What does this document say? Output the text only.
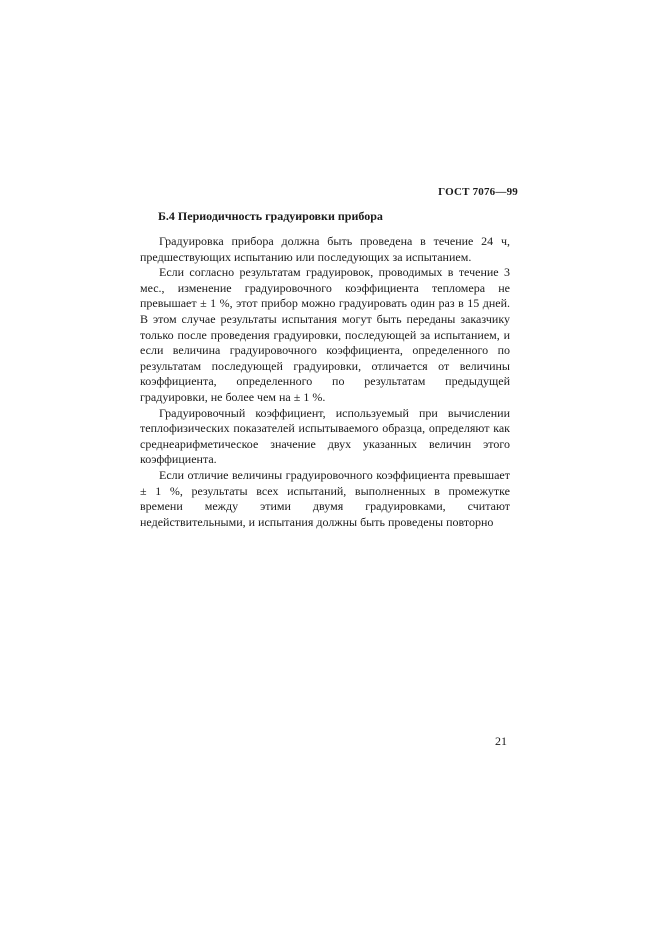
ГОСТ 7076—99
Б.4 Периодичность градуировки прибора

Градуировка прибора должна быть проведена в течение 24 ч, предшествующих испытанию или последующих за испытанием.

Если согласно результатам градуировок, проводимых в течение 3 мес., изменение градуировочного коэффициента тепломера не превышает ± 1 %, этот прибор можно градуировать один раз в 15 дней. В этом случае результаты испытания могут быть переданы заказчику только после проведения градуировки, последующей за испытанием, и если величина градуировочного коэффициента, определенного по результатам последующей градуировки, отличается от величины коэффициента, определенного по результатам предыдущей градуировки, не более чем на ± 1 %.

Градуировочный коэффициент, используемый при вычислении теплофизических показателей испытываемого образца, определяют как среднеарифметическое значение двух указанных величин этого коэффициента.

Если отличие величины градуировочного коэффициента превышает ± 1 %, результаты всех испытаний, выполненных в промежутке времени между этими двумя градуировками, считают недействительными, и испытания должны быть проведены повторно

21
